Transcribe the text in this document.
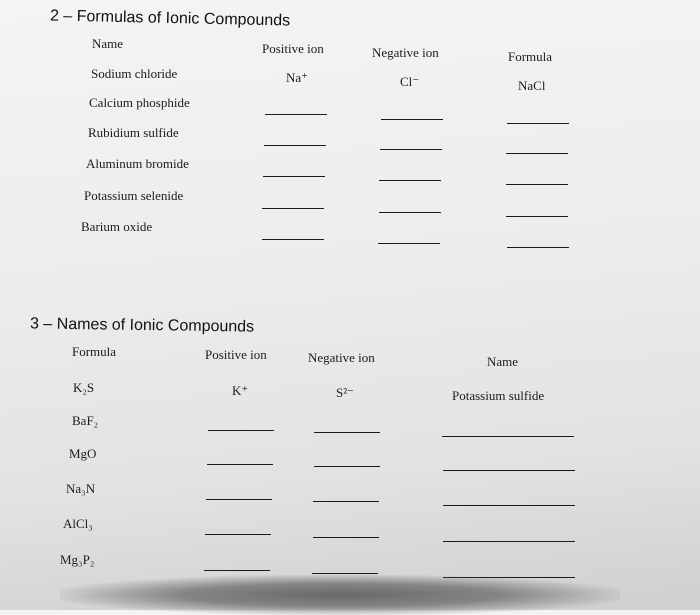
2 – Formulas of Ionic Compounds
Name	Positive ion	Negative ion	Formula
Sodium chloride	Na⁺	Cl⁻	NaCl
Calcium phosphide
Rubidium sulfide
Aluminum bromide
Potassium selenide
Barium oxide
3 – Names of Ionic Compounds
Formula	Positive ion	Negative ion	Name
K₂S	K⁺	S²⁻	Potassium sulfide
BaF₂
MgO
Na₃N
AlCl₃
Mg₃P₂
